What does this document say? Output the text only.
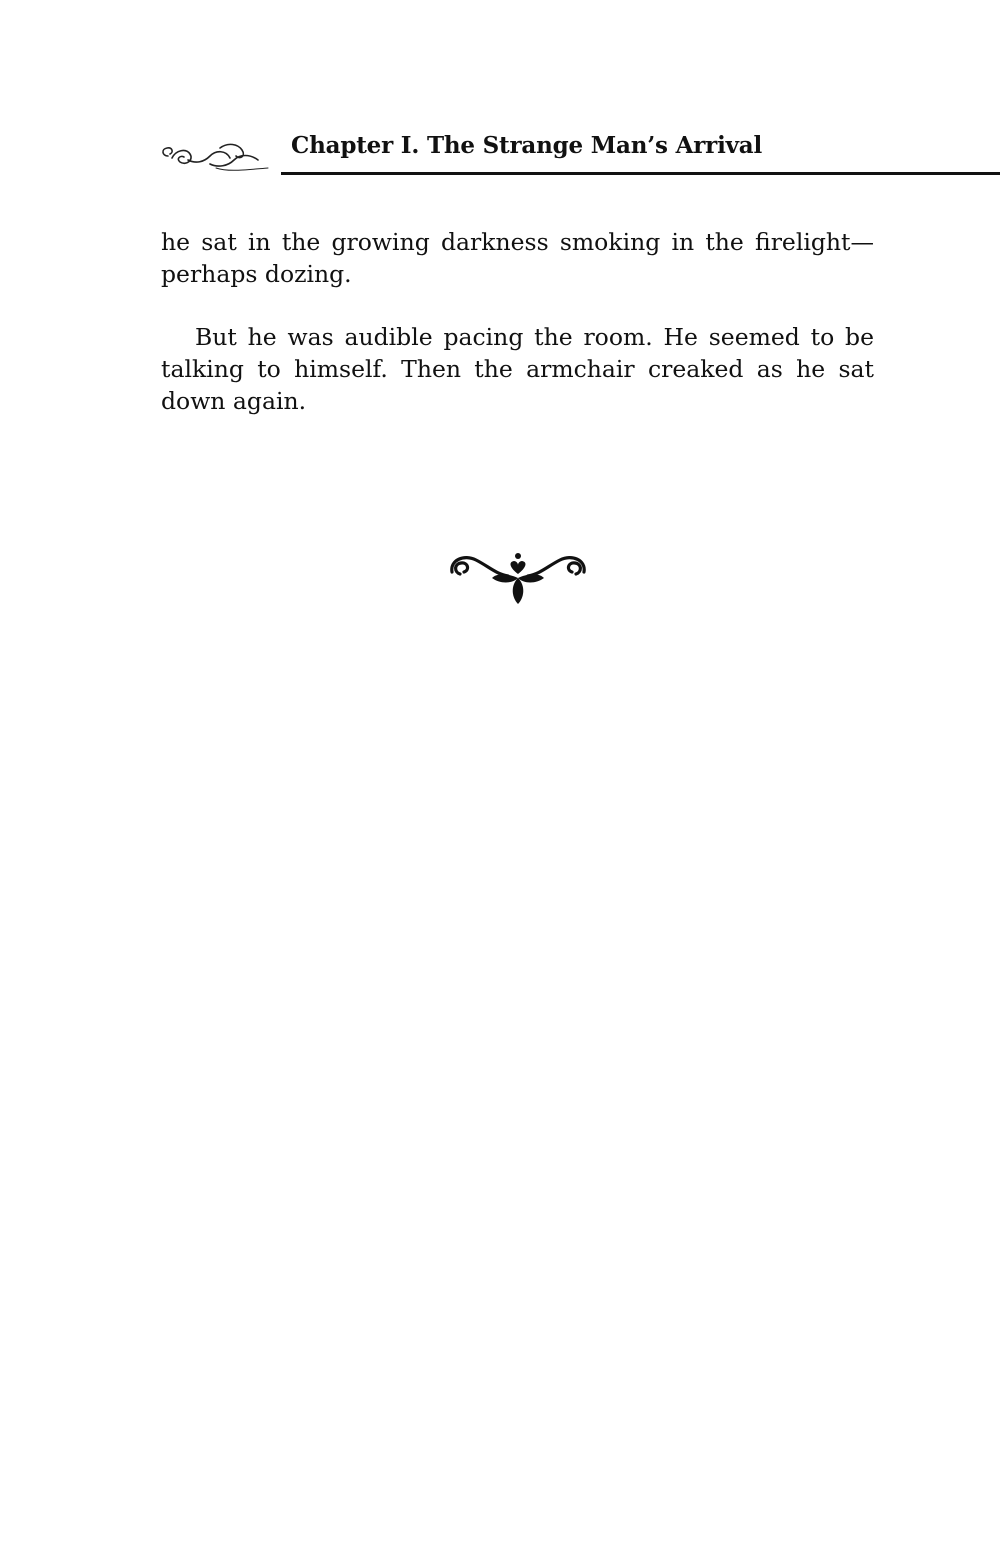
Chapter I. The Strange Man’s Arrival

he sat in the growing darkness smoking in the firelight—perhaps dozing.

But he was audible pacing the room. He seemed to be talking to himself. Then the armchair creaked as he sat down again.
